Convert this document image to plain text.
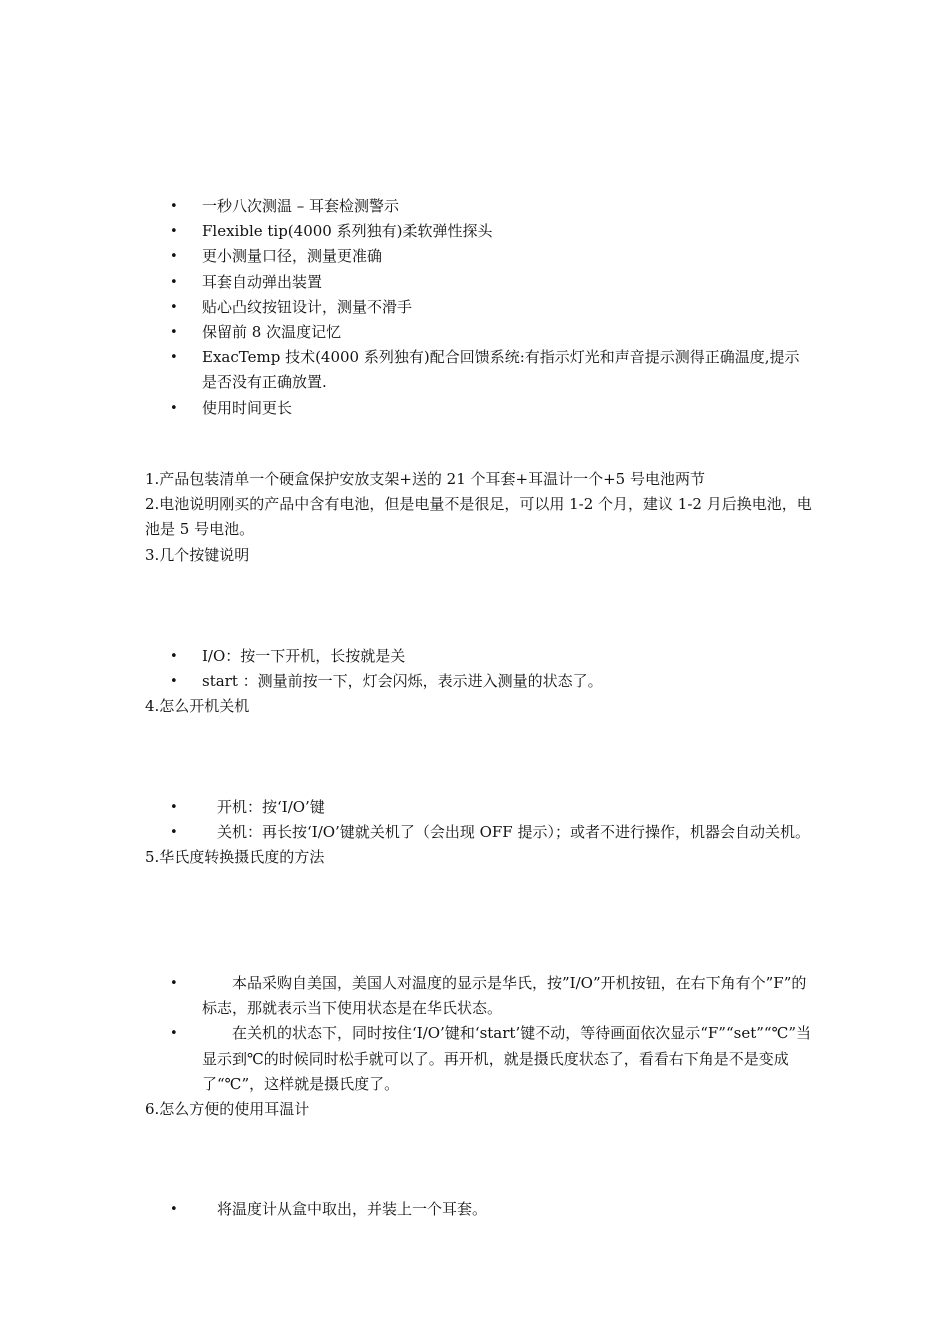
• 一秒八次测温 – 耳套检测警示
• Flexible tip(4000 系列独有)柔软弹性探头
• 更小测量口径，测量更准确
• 耳套自动弹出装置
• 贴心凸纹按钮设计，测量不滑手
• 保留前 8 次温度记忆
• ExacTemp 技术(4000 系列独有)配合回馈系统:有指示灯光和声音提示测得正确温度,提示是否没有正确放置.
• 使用时间更长

1.产品包装清单一个硬盒保护安放支架+送的 21 个耳套+耳温计一个+5 号电池两节

2.电池说明刚买的产品中含有电池，但是电量不是很足，可以用 1-2 个月，建议 1-2 月后换电池，电池是 5 号电池。

3.几个按键说明

• I/O：按一下开机，长按就是关
• start ：测量前按一下，灯会闪烁，表示进入测量的状态了。

4.怎么开机关机

• 　开机：按‘I/O’键
• 　关机：再长按‘I/O’键就关机了（会出现 OFF 提示）；或者不进行操作，机器会自动关机。

5.华氏度转换摄氏度的方法

• 　　本品采购自美国，美国人对温度的显示是华氏，按”I/O”开机按钮，在右下角有个”F”的标志，那就表示当下使用状态是在华氏状态。
• 　　在关机的状态下，同时按住‘I/O’键和‘start’键不动，等待画面依次显示“F”“set”“℃”当显示到℃的时候同时松手就可以了。再开机，就是摄氏度状态了，看看右下角是不是变成了“℃”，这样就是摄氏度了。

6.怎么方便的使用耳温计

• 　将温度计从盒中取出，并装上一个耳套。
